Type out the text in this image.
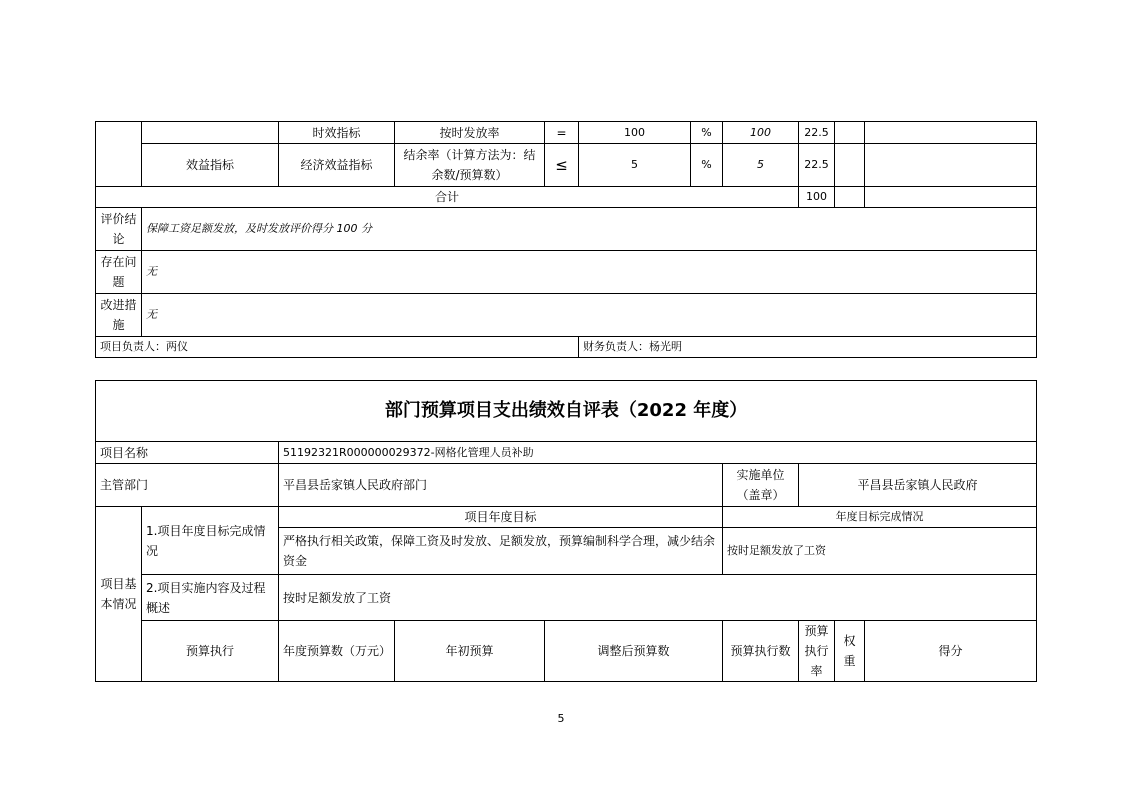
		时效指标	按时发放率	=	100	%	100	22.5		
	效益指标	经济效益指标	结余率（计算方法为：结余数/预算数）	≤	5	%	5	22.5		
合计								100		
评价结论	保障工资足额发放，及时发放评价得分 100 分									
存在问题	无									
改进措施	无									
项目负责人：两仪					财务负责人：杨光明					
部门预算项目支出绩效自评表（2022 年度）									
项目名称		51192321R000000029372-网格化管理人员补助							
主管部门		平昌县岳家镇人民政府部门			实施单位（盖章）	平昌县岳家镇人民政府			
项目基本情况	1.项目年度目标完成情况	项目年度目标			年度目标完成情况				
		严格执行相关政策，保障工资及时发放、足额发放，预算编制科学合理，减少结余资金			按时足额发放了工资				
	2.项目实施内容及过程概述	按时足额发放了工资							
	预算执行	年度预算数（万元）	年初预算	调整后预算数	预算执行数	预算执行率	权重	得分	
5
